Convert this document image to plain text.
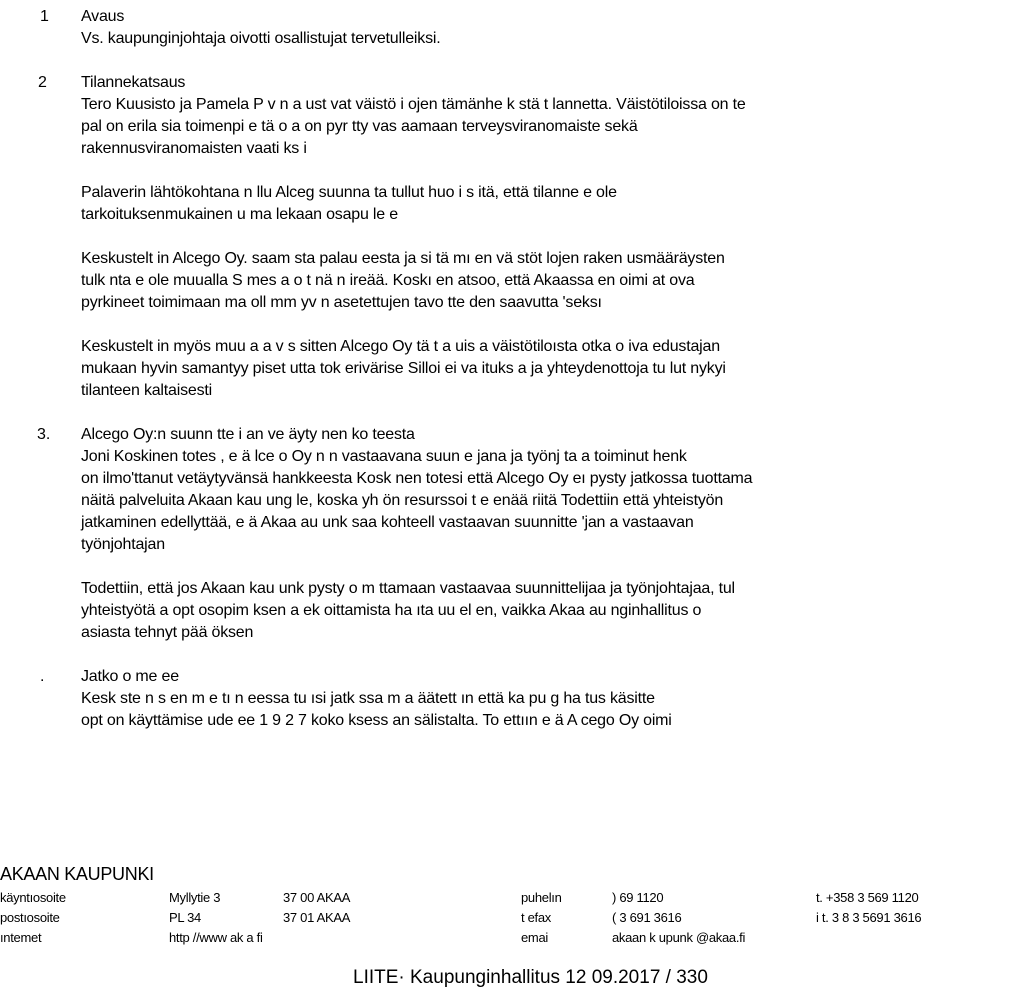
1 Avaus
Vs. kaupunginjohtaja oivotti osallistujat tervetulleiksi.
2 Tilannekatsaus
Tero Kuusisto ja Pamela P v n a ust vat väistö i ojen tämänhe k stä t lannetta. Väistötiloissa on te
pal on erila sia toimenpi e tä o a on pyr tty vas aamaan terveysviranomaiste sekä
rakennusviranomaisten vaati ks i
Palaverin lähtökohtana n llu Alceg suunna ta tullut huo i s itä, että tilanne e ole
tarkoituksenmukainen u ma lekaan osapu le e
Keskustelt in Alcego Oy. saam sta palau eesta ja si tä mı en vä stöt lojen raken usmääräysten
tulk nta e ole muualla S mes a o t nä n ireää. Koskı en atsoo, että Akaassa en oimi at ova
pyrkineet toimimaan ma oll mm yv n asetettujen tavo tte den saavutta 'seksı
Keskustelt in myös muu a a v s sitten Alcego Oy tä t a uis a väistötiloısta otka o iva edustajan
mukaan hyvin samantyy piset utta tok erivärise Silloi ei va ituks a ja yhteydenottoja tu lut nykyi
tilanteen kaltaisesti
3. Alcego Oy:n suunn tte i an ve äyty nen ko teesta
Joni Koskinen totes , e ä lce o Oy n n vastaavana suun e jana ja työnj ta a toiminut henk
on ilmo'ttanut vetäytyvänsä hankkeesta Kosk nen totesi että Alcego Oy eı pysty jatkossa tuottama
näitä palveluita Akaan kau ung le, koska yh ön resurssoi t e enää riitä Todettiin että yhteistyön
jatkaminen edellyttää, e ä Akaa au unk saa kohteell vastaavan suunnitte 'jan a vastaavan
työnjohtajan
Todettiin, että jos Akaan kau unk pysty o m ttamaan vastaavaa suunnittelijaa ja työnjohtajaa, tul
yhteistyötä a opt osopim ksen a ek oittamista ha ıta uu el en, vaikka Akaa au nginhallitus o
asiasta tehnyt pää öksen
. Jatko o me ee
Kesk ste n s en m e tı n eessa tu ısi jatk ssa m a äätett ın että ka pu g ha tus käsitte
opt on käyttämise ude ee 1 9 2 7 koko ksess an sälistalta. To ettıın e ä A cego Oy oimi
AKAAN KAUPUNKI
käyntıosoite	Myllytie 3	37 00 AKAA	puhelın	) 69 1120	t. +358 3 569 1120
postıosoite	PL 34	37 01 AKAA	t efax	( 3 691 3616	i t. 3 8 3 5691 3616
ıntemet	http //www ak a fi	emai	akaan k upunk @akaa.fi
LIITE· Kaupunginhallitus 12 09.2017 / 330
